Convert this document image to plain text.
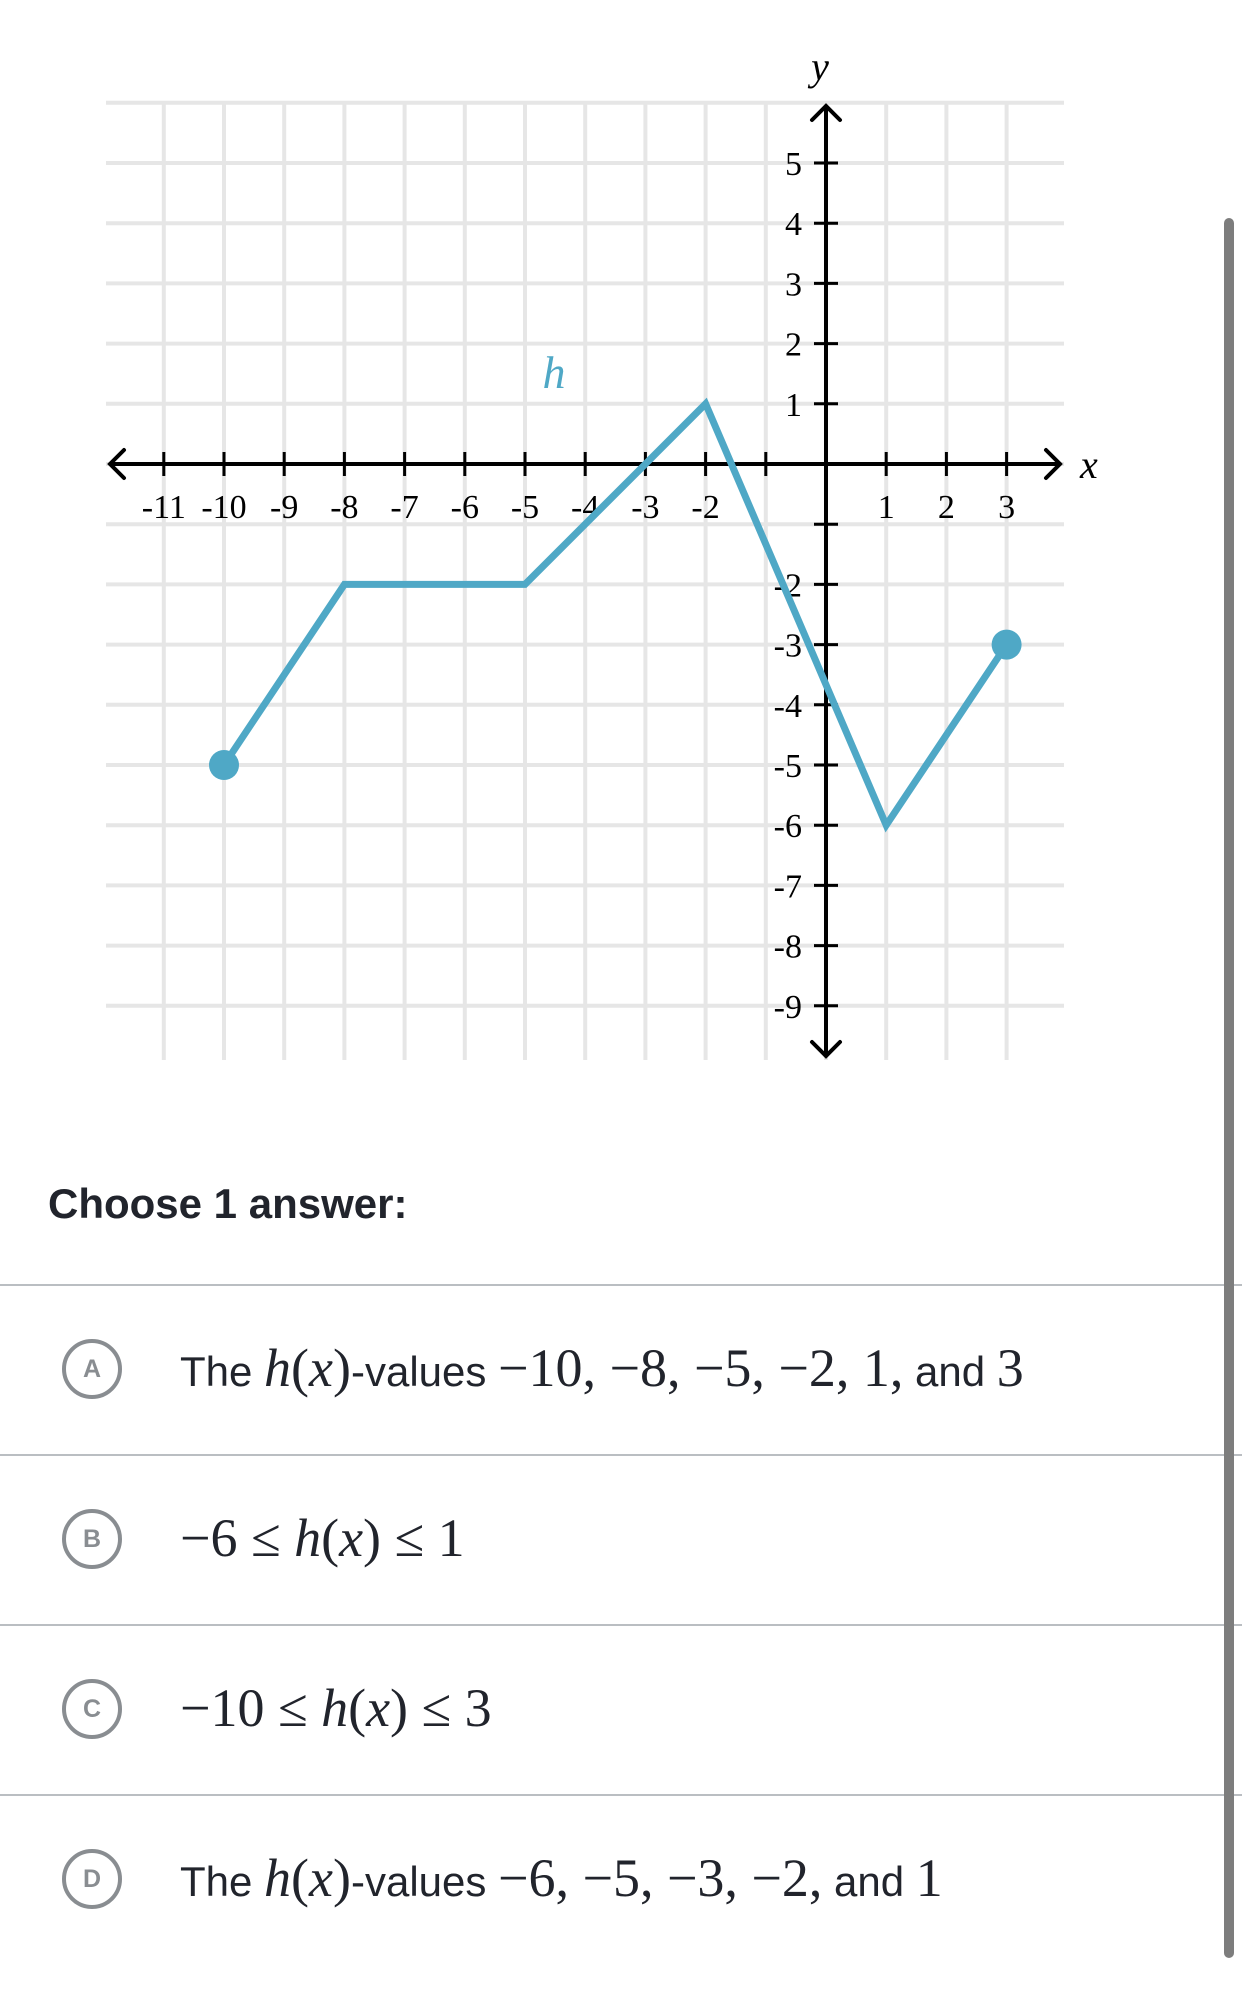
-11 -10 -9 -8 -7 -6 -5 -4 -3 -2	1 2 3
5
4
3
2
1
-2
-3
-4
-5
-6
-7
-8
-9
h
x
y
Choose 1 answer:
A	The h(x)-values −10, −8, −5, −2, 1, and 3
B	−6 ≤ h(x) ≤ 1
C	−10 ≤ h(x) ≤ 3
D	The h(x)-values −6, −5, −3, −2, and 1
